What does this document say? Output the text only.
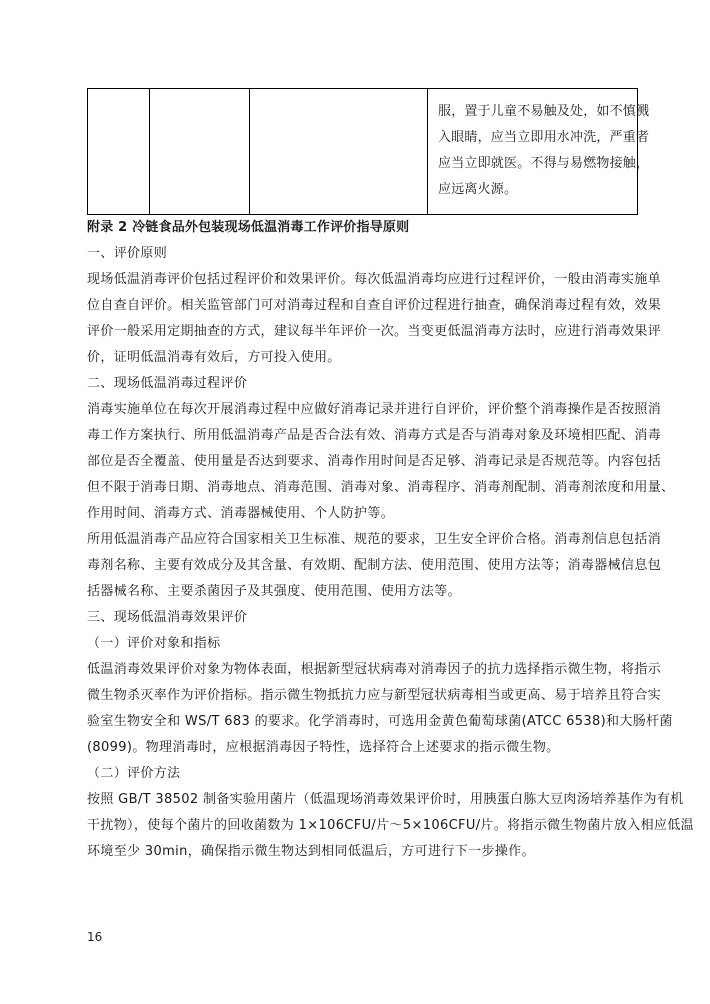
服，置于儿童不易触及处，如不慎溅
入眼睛，应当立即用水冲洗，严重者
应当立即就医。不得与易燃物接触，
应远离火源。
附录 2 冷链食品外包装现场低温消毒工作评价指导原则
一、评价原则
现场低温消毒评价包括过程评价和效果评价。每次低温消毒均应进行过程评价，一般由消毒实施单
位自查自评价。相关监管部门可对消毒过程和自查自评价过程进行抽查，确保消毒过程有效，效果
评价一般采用定期抽查的方式，建议每半年评价一次。当变更低温消毒方法时，应进行消毒效果评
价，证明低温消毒有效后，方可投入使用。
二、现场低温消毒过程评价
消毒实施单位在每次开展消毒过程中应做好消毒记录并进行自评价，评价整个消毒操作是否按照消
毒工作方案执行、所用低温消毒产品是否合法有效、消毒方式是否与消毒对象及环境相匹配、消毒
部位是否全覆盖、使用量是否达到要求、消毒作用时间是否足够、消毒记录是否规范等。内容包括
但不限于消毒日期、消毒地点、消毒范围、消毒对象、消毒程序、消毒剂配制、消毒剂浓度和用量、
作用时间、消毒方式、消毒器械使用、个人防护等。
所用低温消毒产品应符合国家相关卫生标准、规范的要求，卫生安全评价合格。消毒剂信息包括消
毒剂名称、主要有效成分及其含量、有效期、配制方法、使用范围、使用方法等；消毒器械信息包
括器械名称、主要杀菌因子及其强度、使用范围、使用方法等。
三、现场低温消毒效果评价
（一）评价对象和指标
低温消毒效果评价对象为物体表面，根据新型冠状病毒对消毒因子的抗力选择指示微生物，将指示
微生物杀灭率作为评价指标。指示微生物抵抗力应与新型冠状病毒相当或更高、易于培养且符合实
验室生物安全和 WS/T 683 的要求。化学消毒时，可选用金黄色葡萄球菌(ATCC 6538)和大肠杆菌
(8099)。物理消毒时，应根据消毒因子特性，选择符合上述要求的指示微生物。
（二）评价方法
按照 GB/T 38502 制备实验用菌片（低温现场消毒效果评价时，用胰蛋白胨大豆肉汤培养基作为有机
干扰物），使每个菌片的回收菌数为 1×106CFU/片～5×106CFU/片。将指示微生物菌片放入相应低温
环境至少 30min，确保指示微生物达到相同低温后，方可进行下一步操作。
16
